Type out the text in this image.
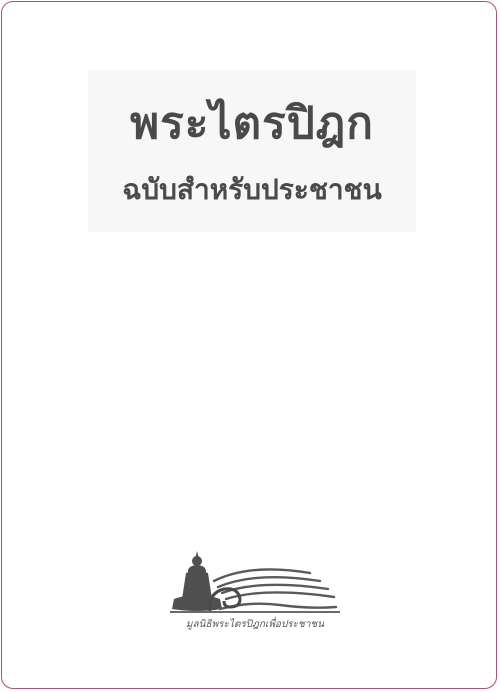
พระไตรปิฎก
ฉบับสำหรับประชาชน
มูลนิธิพระไตรปิฎกเพื่อประชาชน
